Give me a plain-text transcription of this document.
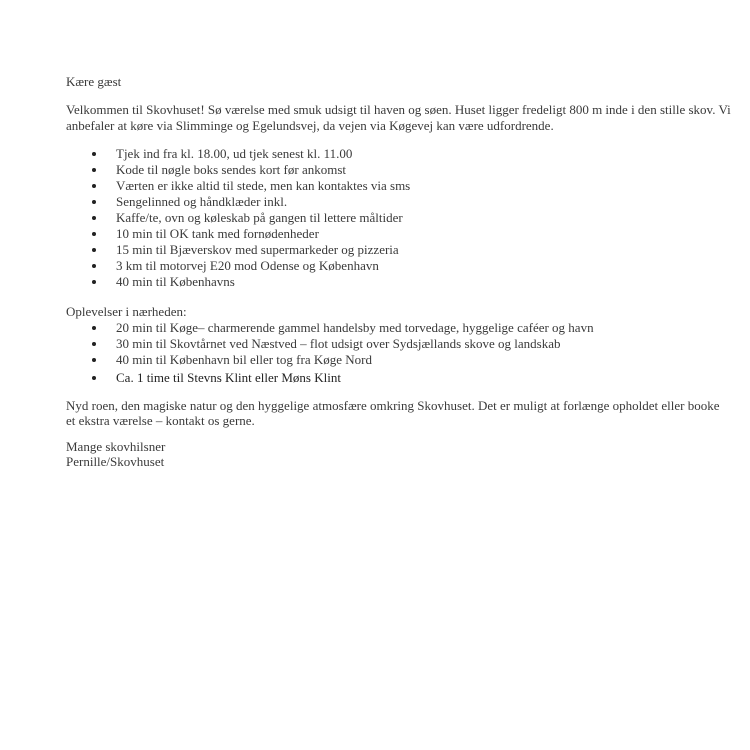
Kære gæst
Velkommen til Skovhuset! Sø værelse med smuk udsigt til haven og søen. Huset ligger fredeligt 800 m inde i den stille skov. Vi
anbefaler at køre via Slimminge og Egelundsvej, da vejen via Køgevej kan være udfordrende.
Tjek ind fra kl. 18.00, ud tjek senest kl. 11.00
Kode til nøgle boks sendes kort før ankomst
Værten er ikke altid til stede, men kan kontaktes via sms
Sengelinned og håndklæder inkl.
Kaffe/te, ovn og køleskab på gangen til lettere måltider
10 min til OK tank med fornødenheder
15 min til Bjæverskov med supermarkeder og pizzeria
3 km til motorvej E20 mod Odense og København
40 min til Københavns
Oplevelser i nærheden:
20 min til Køge– charmerende gammel handelsby med torvedage, hyggelige caféer og havn
30 min til Skovtårnet ved Næstved – flot udsigt over Sydsjællands skove og landskab
40 min til København bil eller tog fra Køge Nord
Ca. 1 time til Stevns Klint eller Møns Klint
Nyd roen, den magiske natur og den hyggelige atmosfære omkring Skovhuset. Det er muligt at forlænge opholdet eller booke
et ekstra værelse – kontakt os gerne.
Mange skovhilsner
Pernille/Skovhuset
